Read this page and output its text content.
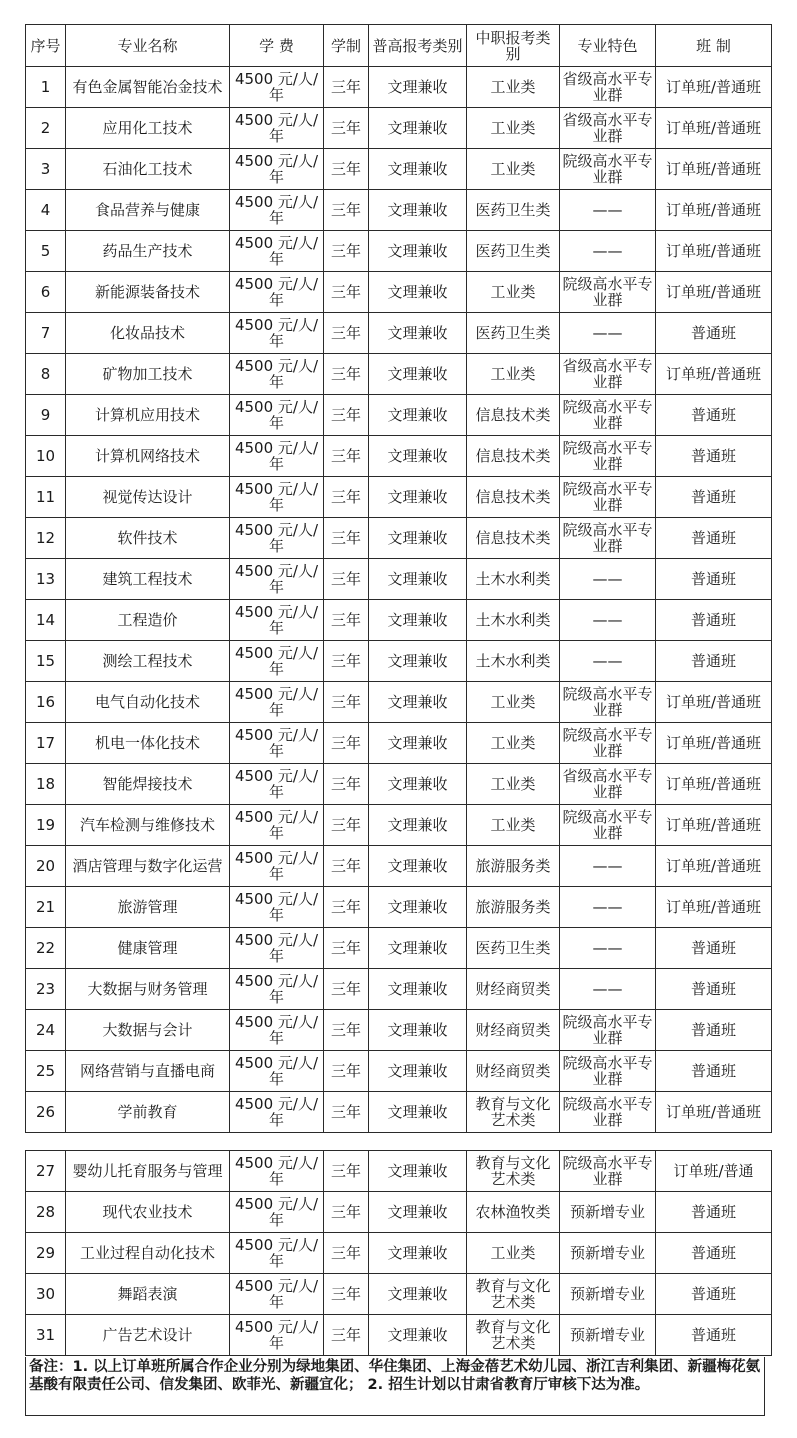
序号	专业名称	学 费	学制	普高报考类别	中职报考类别	专业特色	班 制
1	有色金属智能冶金技术	4500 元/人/年	三年	文理兼收	工业类	省级高水平专业群	订单班/普通班
2	应用化工技术	4500 元/人/年	三年	文理兼收	工业类	省级高水平专业群	订单班/普通班
3	石油化工技术	4500 元/人/年	三年	文理兼收	工业类	院级高水平专业群	订单班/普通班
4	食品营养与健康	4500 元/人/年	三年	文理兼收	医药卫生类	——	订单班/普通班
5	药品生产技术	4500 元/人/年	三年	文理兼收	医药卫生类	——	订单班/普通班
6	新能源装备技术	4500 元/人/年	三年	文理兼收	工业类	院级高水平专业群	订单班/普通班
7	化妆品技术	4500 元/人/年	三年	文理兼收	医药卫生类	——	普通班
8	矿物加工技术	4500 元/人/年	三年	文理兼收	工业类	省级高水平专业群	订单班/普通班
9	计算机应用技术	4500 元/人/年	三年	文理兼收	信息技术类	院级高水平专业群	普通班
10	计算机网络技术	4500 元/人/年	三年	文理兼收	信息技术类	院级高水平专业群	普通班
11	视觉传达设计	4500 元/人/年	三年	文理兼收	信息技术类	院级高水平专业群	普通班
12	软件技术	4500 元/人/年	三年	文理兼收	信息技术类	院级高水平专业群	普通班
13	建筑工程技术	4500 元/人/年	三年	文理兼收	土木水利类	——	普通班
14	工程造价	4500 元/人/年	三年	文理兼收	土木水利类	——	普通班
15	测绘工程技术	4500 元/人/年	三年	文理兼收	土木水利类	——	普通班
16	电气自动化技术	4500 元/人/年	三年	文理兼收	工业类	院级高水平专业群	订单班/普通班
17	机电一体化技术	4500 元/人/年	三年	文理兼收	工业类	院级高水平专业群	订单班/普通班
18	智能焊接技术	4500 元/人/年	三年	文理兼收	工业类	省级高水平专业群	订单班/普通班
19	汽车检测与维修技术	4500 元/人/年	三年	文理兼收	工业类	院级高水平专业群	订单班/普通班
20	酒店管理与数字化运营	4500 元/人/年	三年	文理兼收	旅游服务类	——	订单班/普通班
21	旅游管理	4500 元/人/年	三年	文理兼收	旅游服务类	——	订单班/普通班
22	健康管理	4500 元/人/年	三年	文理兼收	医药卫生类	——	普通班
23	大数据与财务管理	4500 元/人/年	三年	文理兼收	财经商贸类	——	普通班
24	大数据与会计	4500 元/人/年	三年	文理兼收	财经商贸类	院级高水平专业群	普通班
25	网络营销与直播电商	4500 元/人/年	三年	文理兼收	财经商贸类	院级高水平专业群	普通班
26	学前教育	4500 元/人/年	三年	文理兼收	教育与文化艺术类	院级高水平专业群	订单班/普通班
27	婴幼儿托育服务与管理	4500 元/人/年	三年	文理兼收	教育与文化艺术类	院级高水平专业群	订单班/普通
28	现代农业技术	4500 元/人/年	三年	文理兼收	农林渔牧类	预新增专业	普通班
29	工业过程自动化技术	4500 元/人/年	三年	文理兼收	工业类	预新增专业	普通班
30	舞蹈表演	4500 元/人/年	三年	文理兼收	教育与文化艺术类	预新增专业	普通班
31	广告艺术设计	4500 元/人/年	三年	文理兼收	教育与文化艺术类	预新增专业	普通班
备注：1. 以上订单班所属合作企业分别为绿地集团、华住集团、上海金蓓艺术幼儿园、浙江吉利集团、新疆梅花氨基酸有限责任公司、信发集团、欧菲光、新疆宜化； 2. 招生计划以甘肃省教育厅审核下达为准。
